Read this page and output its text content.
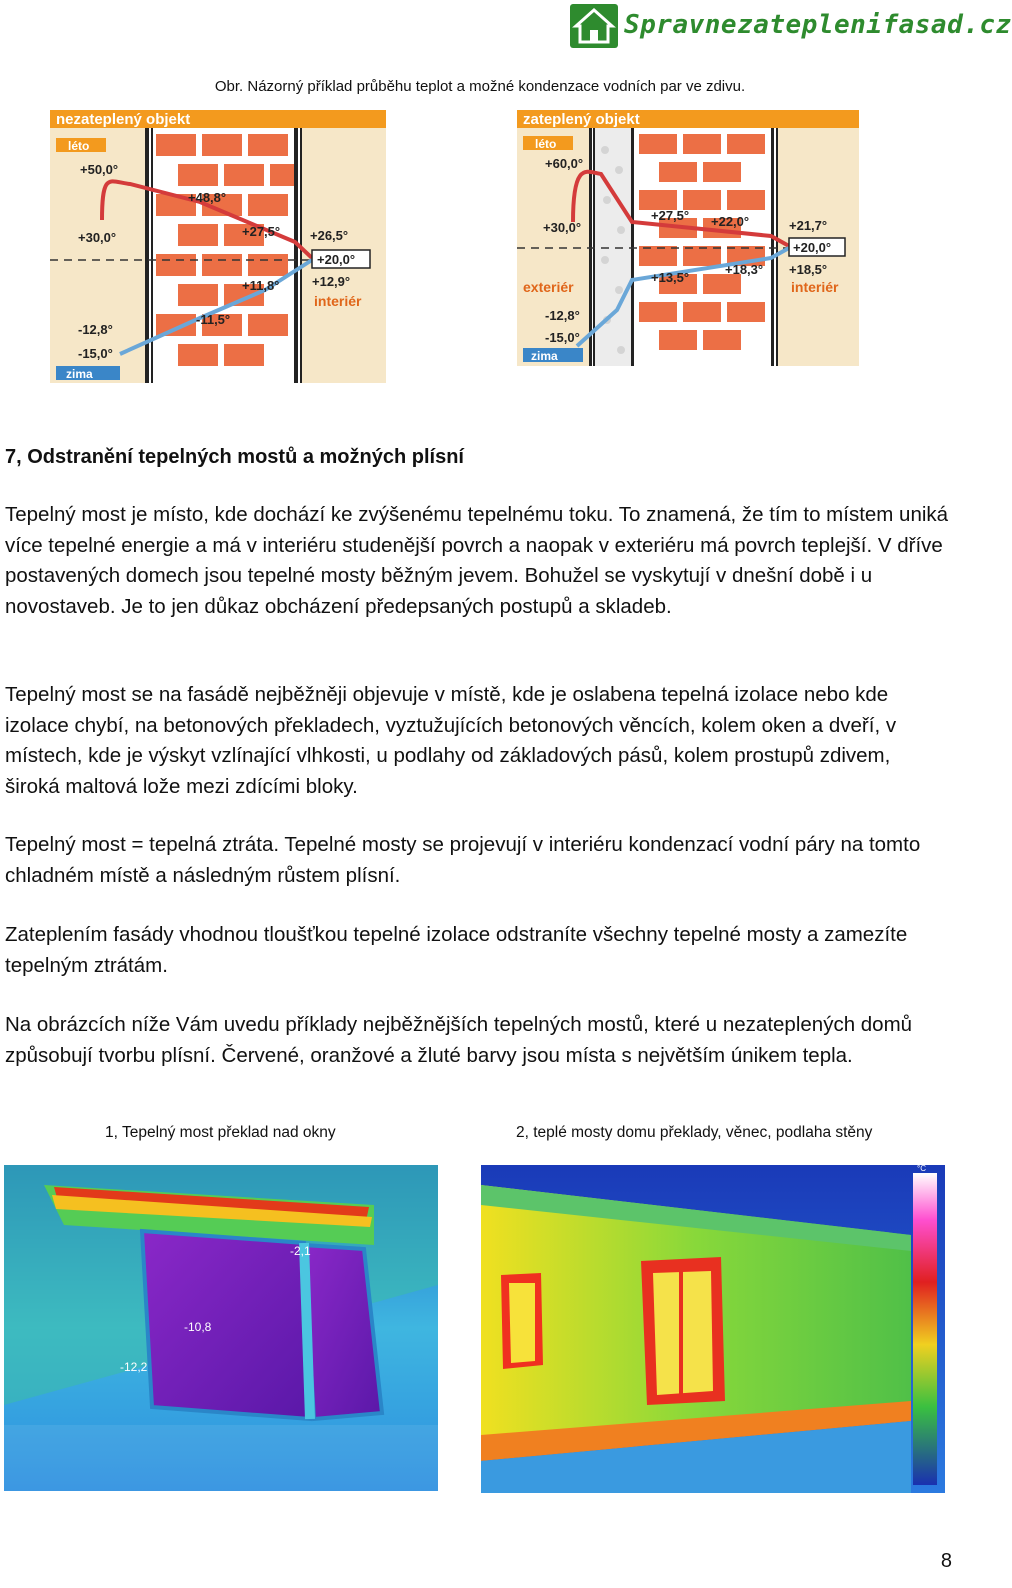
Spravnezateplenifasad.cz
Obr. Názorný příklad průběhu teplot a možné kondenzace vodních par ve zdivu.
nezateplený objekt
léto
zima
+50,0°
+48,8°
+30,0°	+27,5° +26,5°
+20,0°
+12,9°
+11,8°
-11,5°
-12,8°
-15,0°
interiér
zateplený objekt
léto
zima
+60,0°
+30,0°
+27,5° +22,0°	+21,7°
+20,0°
+18,5°
+18,3°
+13,5°
-12,8°
-15,0°
exteriér	interiér
7, Odstranění tepelných mostů a možných plísní

Tepelný most je místo, kde dochází ke zvýšenému tepelnému toku. To znamená, že tím to místem uniká více tepelné energie a má v interiéru studenější povrch a naopak v exteriéru má povrch teplejší. V dříve postavených domech jsou tepelné mosty běžným jevem. Bohužel se vyskytují v dnešní době i u novostaveb. Je to jen důkaz obcházení předepsaných postupů a skladeb.

Tepelný most se na fasádě nejběžněji objevuje v místě, kde je oslabena tepelná izolace nebo kde izolace chybí, na betonových překladech, vyztužujících betonových věncích, kolem oken a dveří, v místech, kde je výskyt vzlínající vlhkosti, u podlahy od základových pásů, kolem prostupů zdivem, široká maltová lože mezi zdícími bloky.

Tepelný most = tepelná ztráta. Tepelné mosty se projevují v interiéru kondenzací vodní páry na tomto chladném místě a následným růstem plísní.

Zateplením fasády vhodnou tloušťkou tepelné izolace odstraníte všechny tepelné mosty a zamezíte tepelným ztrátám.

Na obrázcích níže Vám uvedu příklady nejběžnějších tepelných mostů, které u nezateplených domů způsobují tvorbu plísní. Červené, oranžové a žluté barvy jsou místa s největším únikem tepla.

1, Tepelný most překlad nad okny	2, teplé mosty domu překlady, věnec, podlaha stěny
-2,1
-10,8
-12,2
°C
8
